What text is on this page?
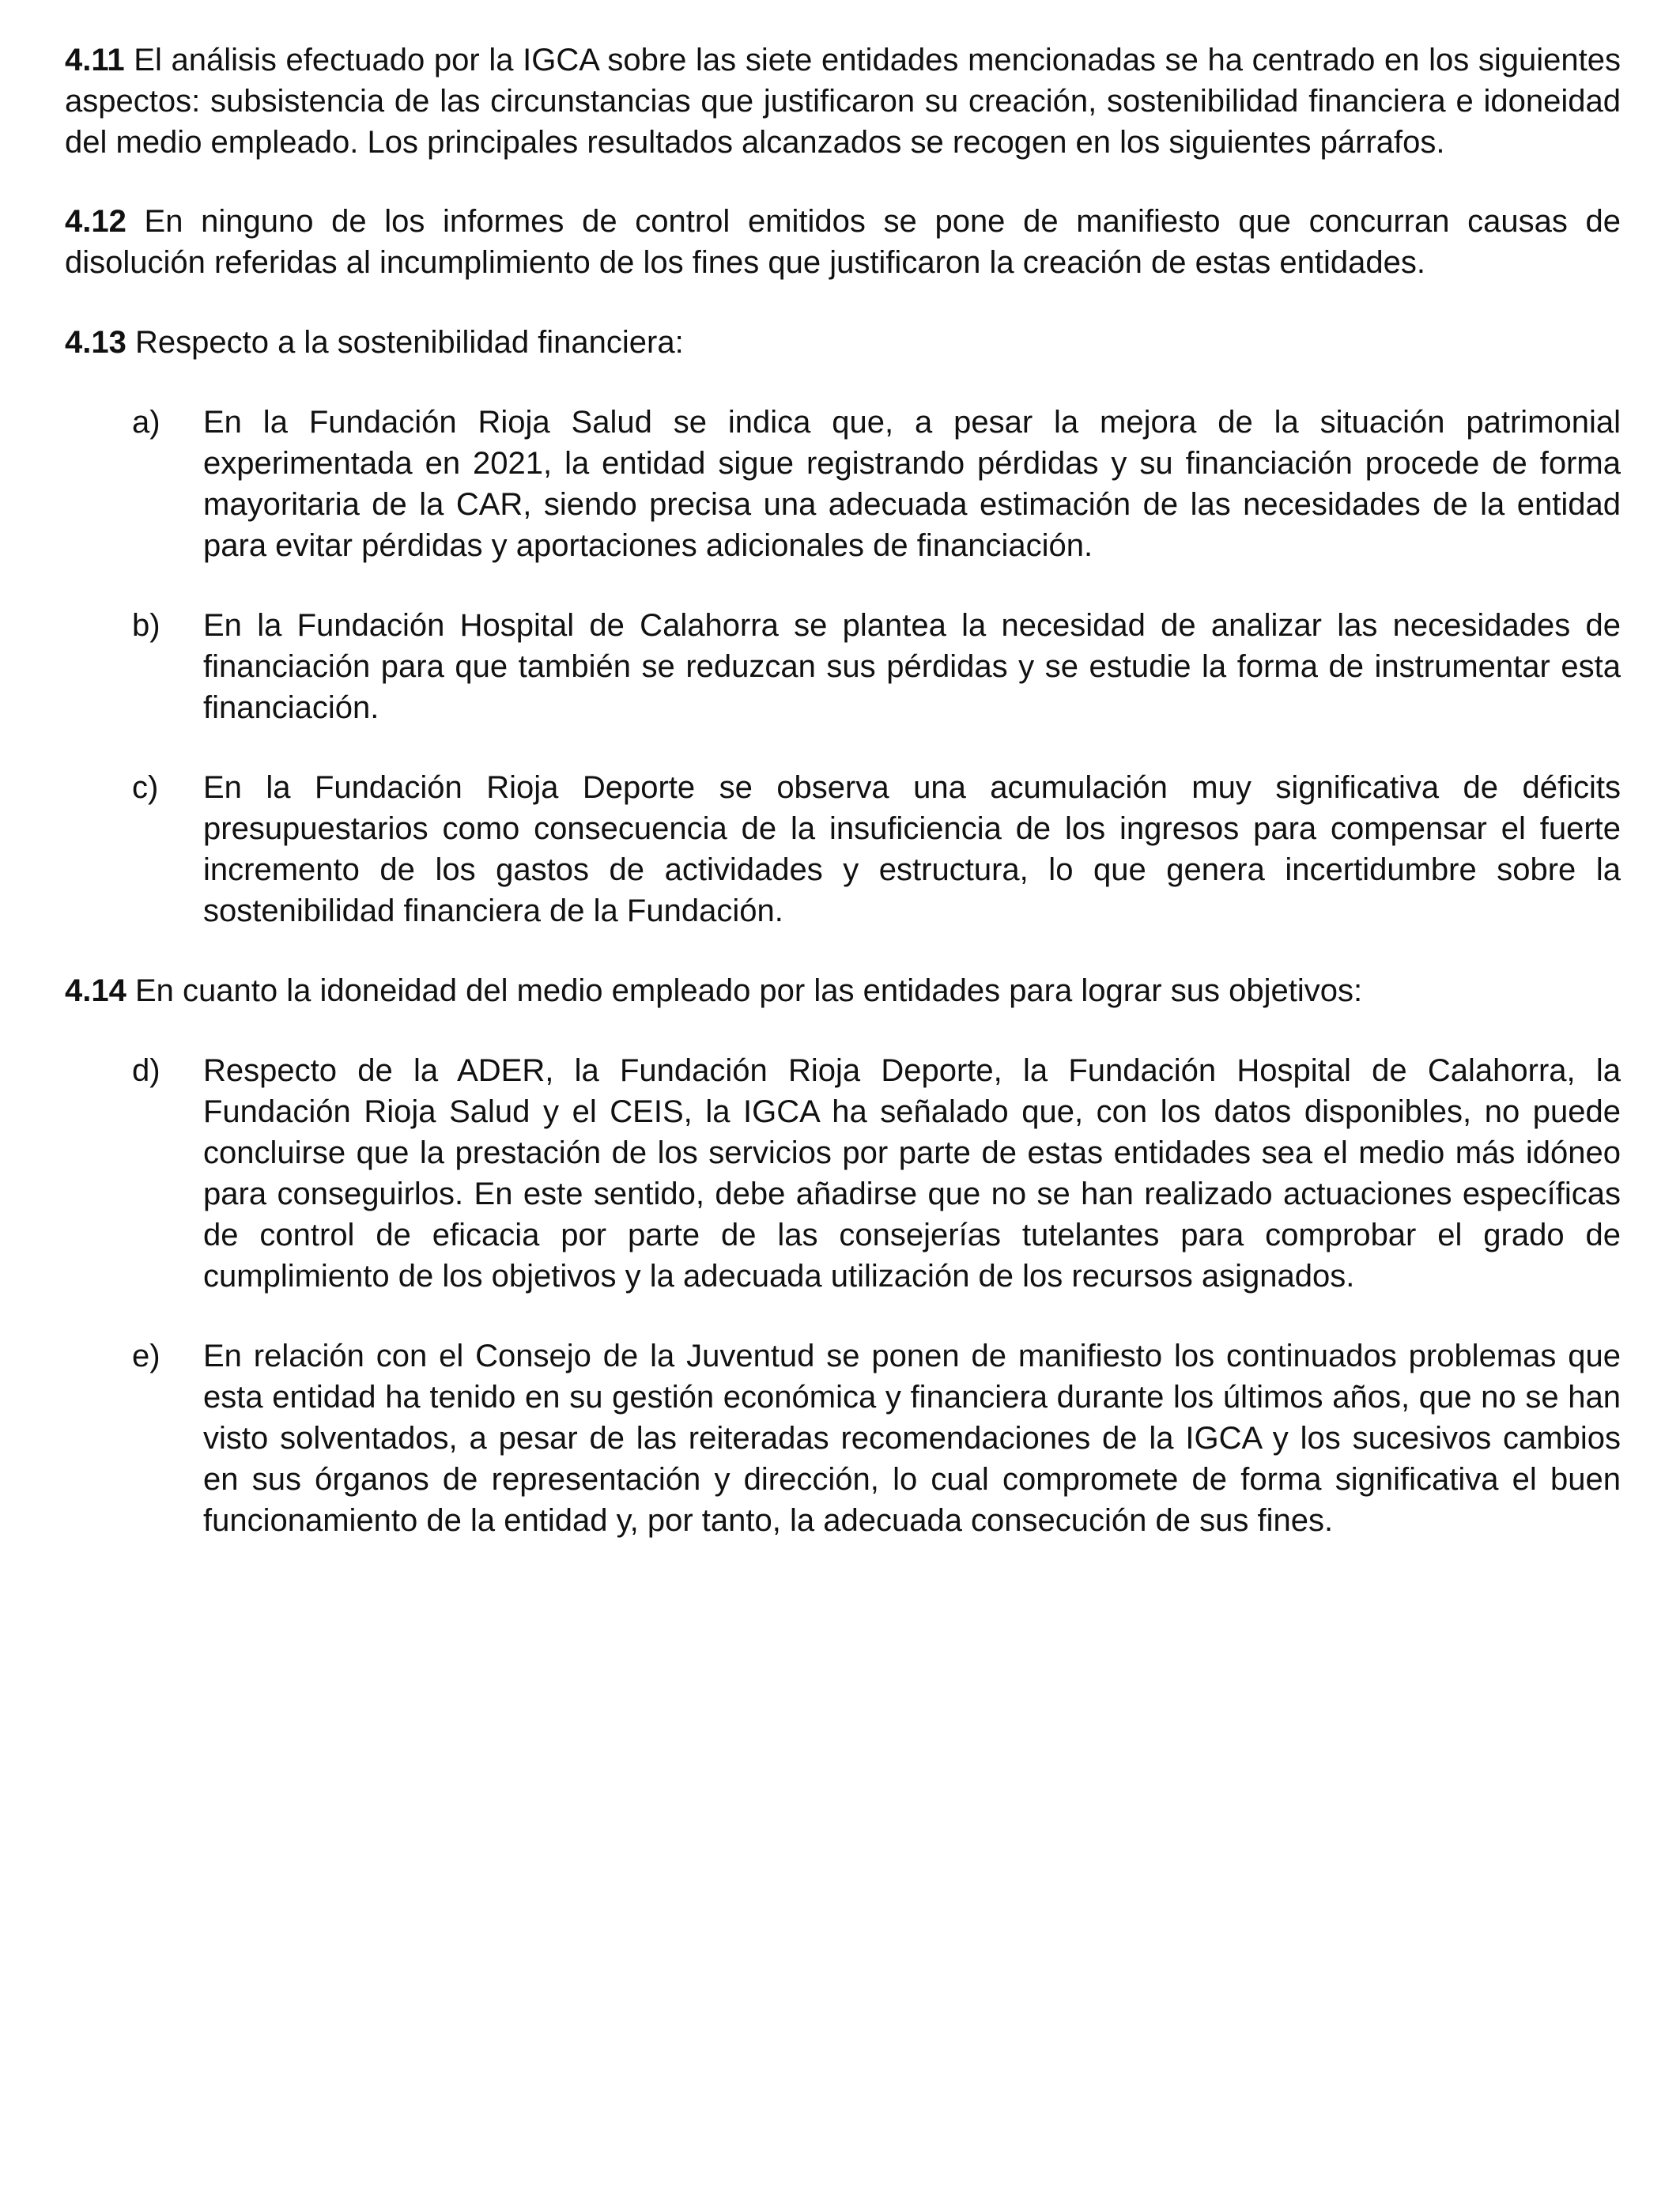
4.11 El análisis efectuado por la IGCA sobre las siete entidades mencionadas se ha centrado en los siguientes aspectos: subsistencia de las circunstancias que justificaron su creación, sostenibilidad financiera e idoneidad del medio empleado. Los principales resultados alcanzados se recogen en los siguientes párrafos.

4.12 En ninguno de los informes de control emitidos se pone de manifiesto que concurran causas de disolución referidas al incumplimiento de los fines que justificaron la creación de estas entidades.

4.13 Respecto a la sostenibilidad financiera:

a) En la Fundación Rioja Salud se indica que, a pesar la mejora de la situación patrimonial experimentada en 2021, la entidad sigue registrando pérdidas y su financiación procede de forma mayoritaria de la CAR, siendo precisa una adecuada estimación de las necesidades de la entidad para evitar pérdidas y aportaciones adicionales de financiación.
b) En la Fundación Hospital de Calahorra se plantea la necesidad de analizar las necesidades de financiación para que también se reduzcan sus pérdidas y se estudie la forma de instrumentar esta financiación.
c) En la Fundación Rioja Deporte se observa una acumulación muy significativa de déficits presupuestarios como consecuencia de la insuficiencia de los ingresos para compensar el fuerte incremento de los gastos de actividades y estructura, lo que genera incertidumbre sobre la sostenibilidad financiera de la Fundación.

4.14 En cuanto la idoneidad del medio empleado por las entidades para lograr sus objetivos:

d) Respecto de la ADER, la Fundación Rioja Deporte, la Fundación Hospital de Calahorra, la Fundación Rioja Salud y el CEIS, la IGCA ha señalado que, con los datos disponibles, no puede concluirse que la prestación de los servicios por parte de estas entidades sea el medio más idóneo para conseguirlos. En este sentido, debe añadirse que no se han realizado actuaciones específicas de control de eficacia por parte de las consejerías tutelantes para comprobar el grado de cumplimiento de los objetivos y la adecuada utilización de los recursos asignados.
e) En relación con el Consejo de la Juventud se ponen de manifiesto los continuados problemas que esta entidad ha tenido en su gestión económica y financiera durante los últimos años, que no se han visto solventados, a pesar de las reiteradas recomendaciones de la IGCA y los sucesivos cambios en sus órganos de representación y dirección, lo cual compromete de forma significativa el buen funcionamiento de la entidad y, por tanto, la adecuada consecución de sus fines.
